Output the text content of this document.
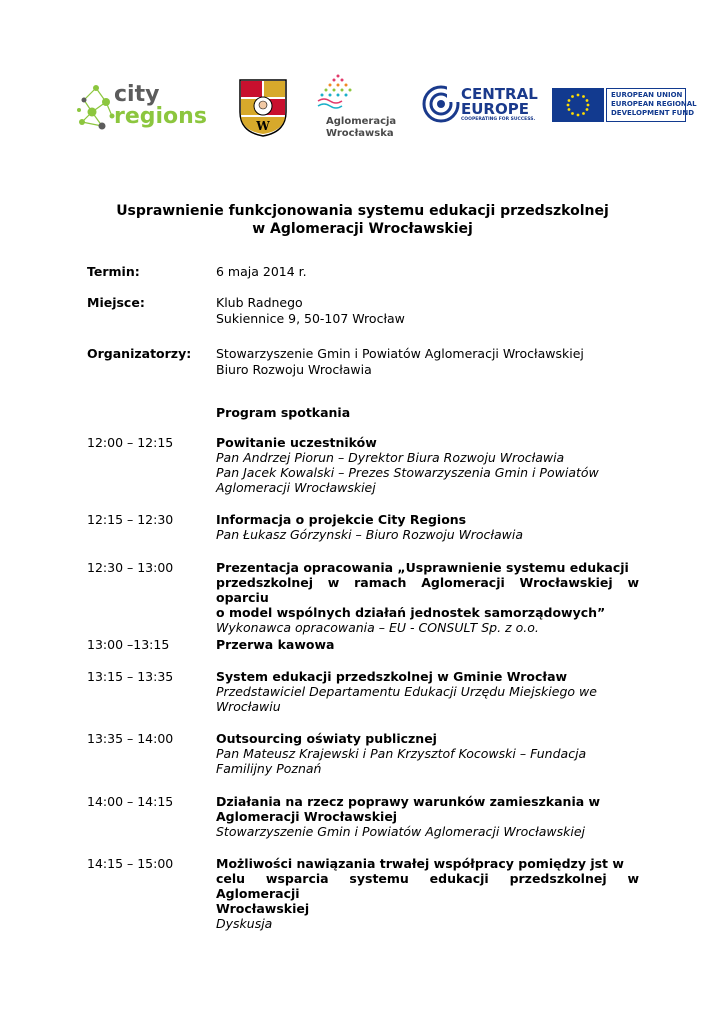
city
regions	W	Aglomeracja
Wrocławska
CENTRAL
EUROPE
COOPERATING FOR SUCCESS.
EUROPEAN UNION
EUROPEAN REGIONAL
DEVELOPMENT FUND
Usprawnienie funkcjonowania systemu edukacji przedszkolnej
w Aglomeracji Wrocławskiej
Termin:	6 maja 2014 r.
Miejsce:	Klub Radnego
Sukiennice 9, 50-107 Wrocław
Organizatorzy: Stowarzyszenie Gmin i Powiatów Aglomeracji Wrocławskiej
Biuro Rozwoju Wrocławia
Program spotkania
12:00 – 12:15	Powitanie uczestników
Pan Andrzej Piorun – Dyrektor Biura Rozwoju Wrocławia
Pan Jacek Kowalski – Prezes Stowarzyszenia Gmin i Powiatów
Aglomeracji Wrocławskiej
12:15 – 12:30	Informacja o projekcie City Regions
Pan Łukasz Górzynski – Biuro Rozwoju Wrocławia
12:30 – 13:00	Prezentacja opracowania „Usprawnienie systemu edukacji
przedszkolnej w ramach Aglomeracji Wrocławskiej w oparciu
o model wspólnych działań jednostek samorządowych”
Wykonawca opracowania – EU - CONSULT Sp. z o.o.
13:00 –13:15	Przerwa kawowa
13:15 – 13:35	System edukacji przedszkolnej w Gminie Wrocław
Przedstawiciel Departamentu Edukacji Urzędu Miejskiego we
Wrocławiu
13:35 – 14:00	Outsourcing oświaty publicznej
Pan Mateusz Krajewski i Pan Krzysztof Kocowski – Fundacja
Familijny Poznań
14:00 – 14:15	Działania na rzecz poprawy warunków zamieszkania w
Aglomeracji Wrocławskiej
Stowarzyszenie Gmin i Powiatów Aglomeracji Wrocławskiej
14:15 – 15:00	Możliwości nawiązania trwałej współpracy pomiędzy jst w
celu wsparcia systemu edukacji przedszkolnej w Aglomeracji
Wrocławskiej
Dyskusja
